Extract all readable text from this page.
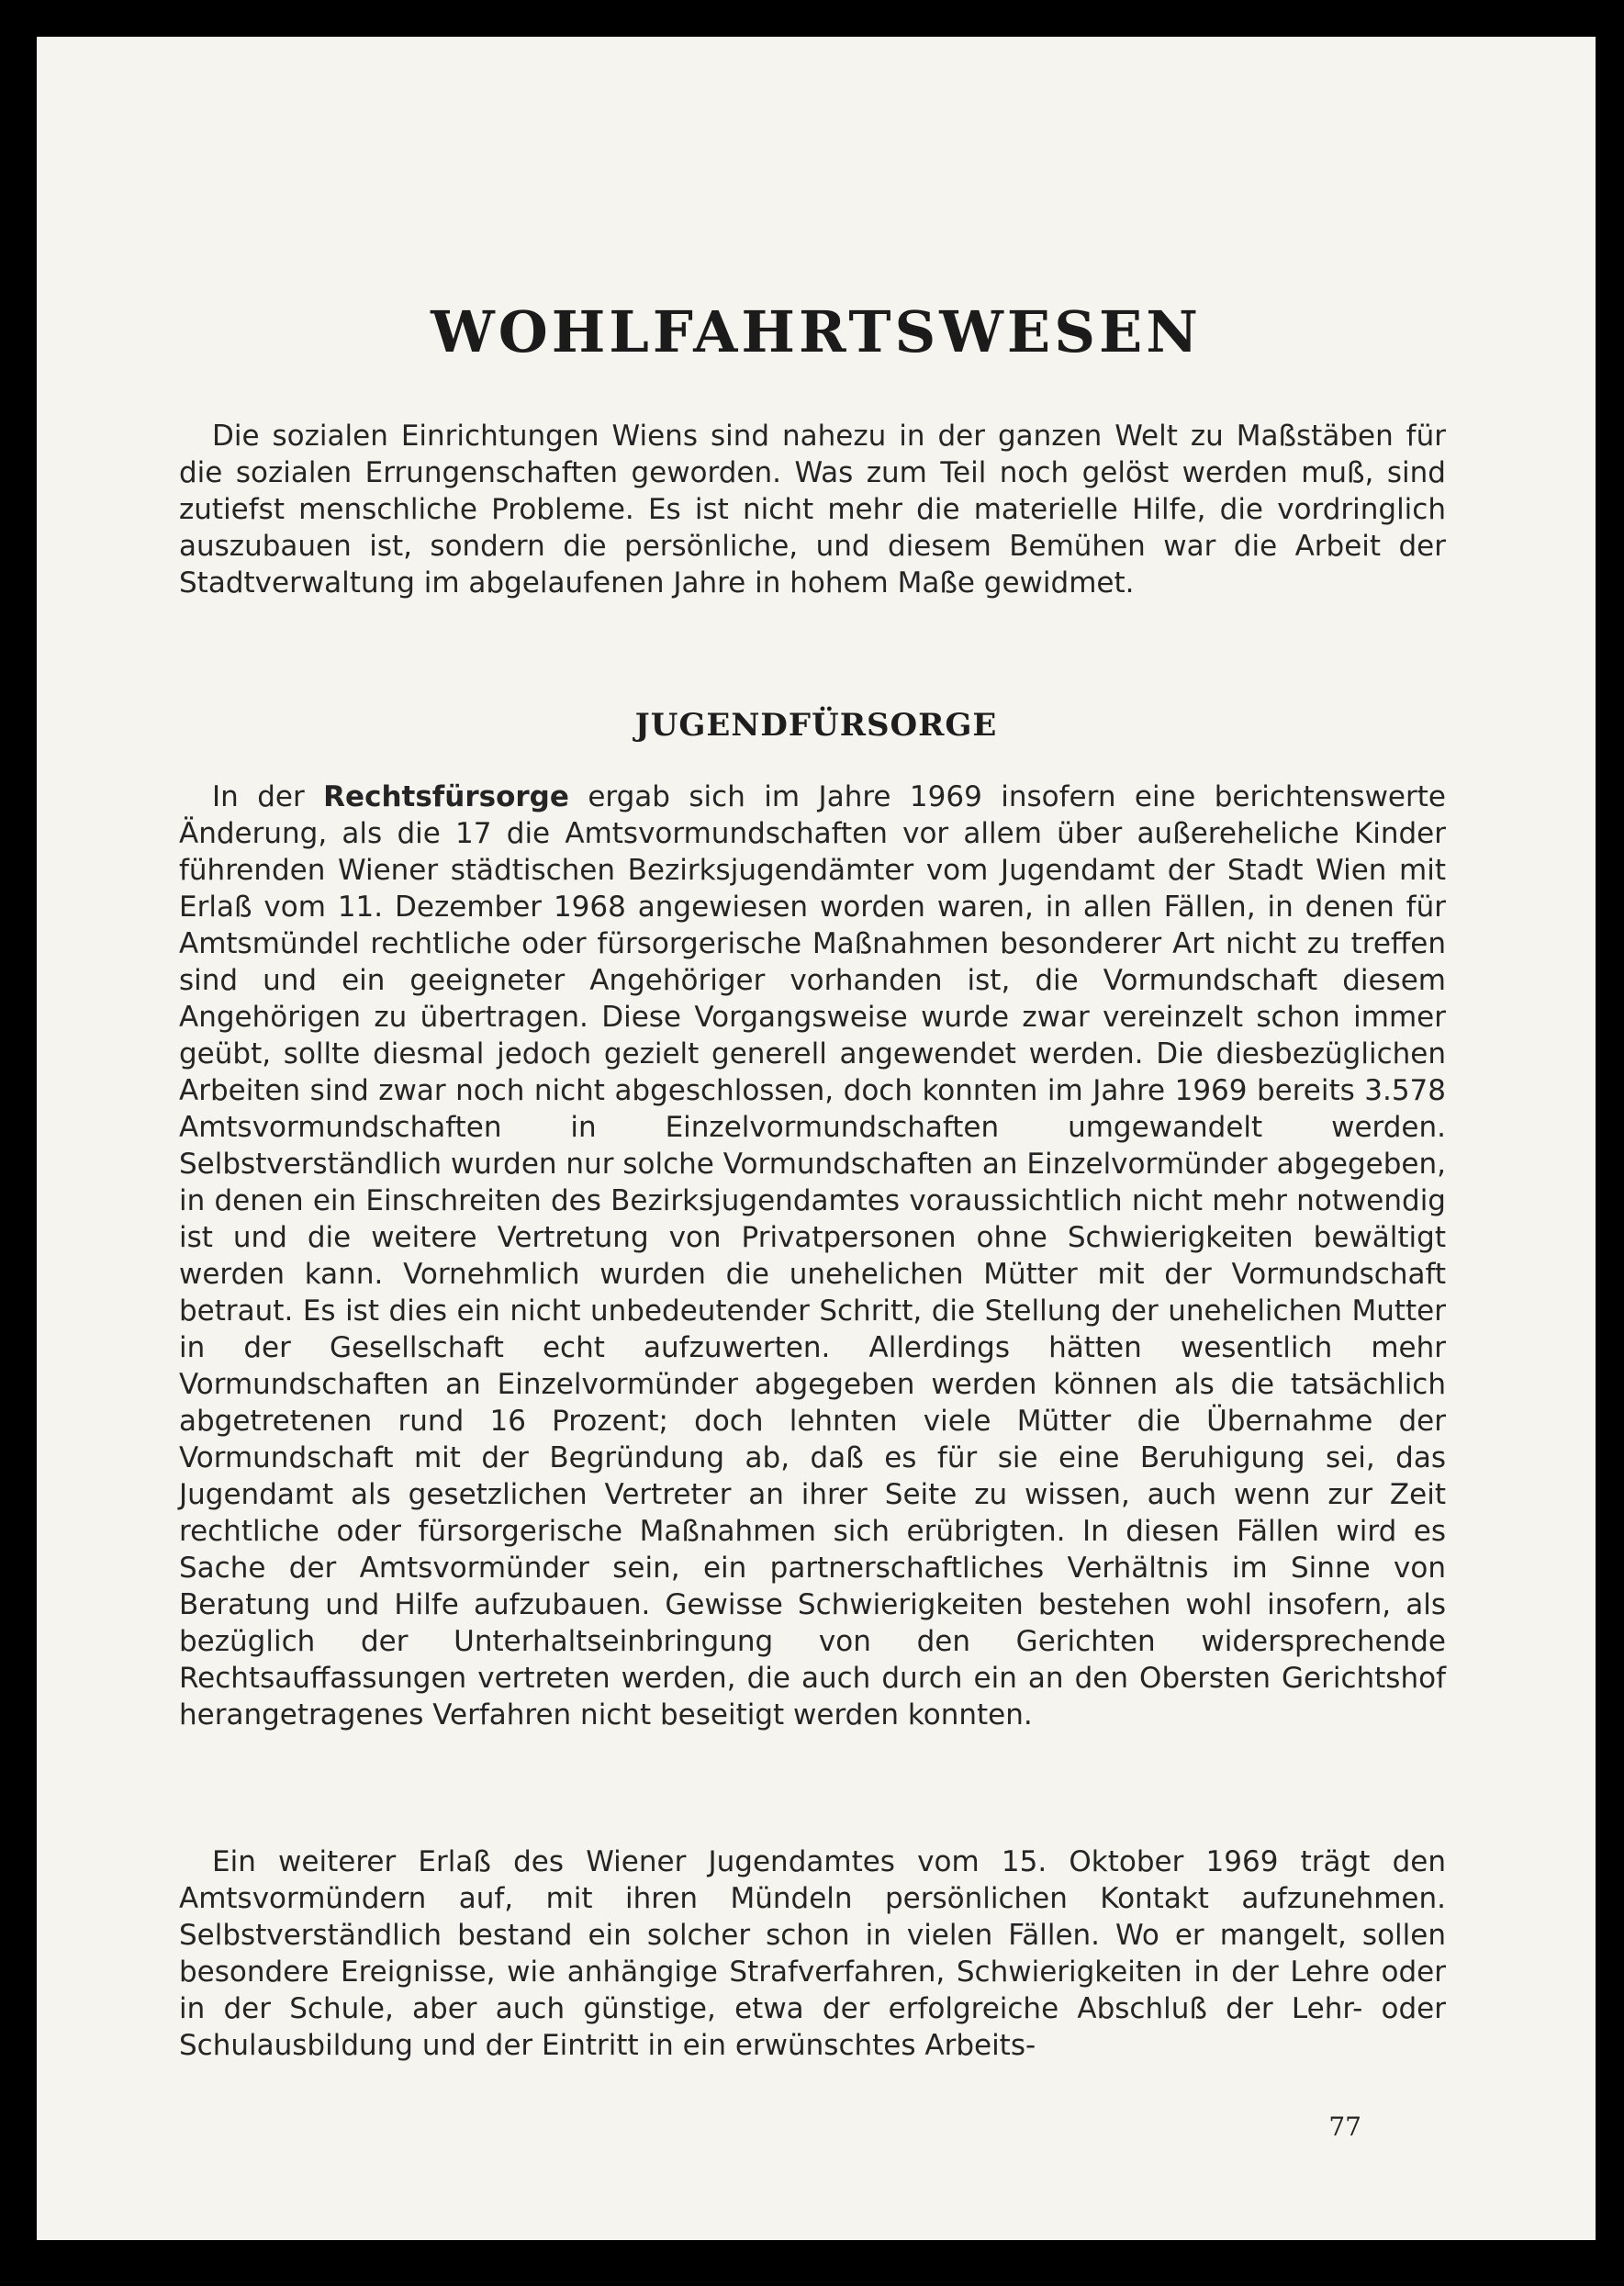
WOHLFAHRTSWESEN

Die sozialen Einrichtungen Wiens sind nahezu in der ganzen Welt zu Maßstäben für die sozialen Errungenschaften geworden. Was zum Teil noch gelöst werden muß, sind zutiefst menschliche Probleme. Es ist nicht mehr die materielle Hilfe, die vordringlich auszubauen ist, sondern die persönliche, und diesem Bemühen war die Arbeit der Stadtverwaltung im abgelaufenen Jahre in hohem Maße gewidmet.

JUGENDFÜRSORGE

In der Rechtsfürsorge ergab sich im Jahre 1969 insofern eine berichtenswerte Änderung, als die 17 die Amtsvormundschaften vor allem über außereheliche Kinder führenden Wiener städtischen Bezirksjugendämter vom Jugendamt der Stadt Wien mit Erlaß vom 11. Dezember 1968 angewiesen worden waren, in allen Fällen, in denen für Amtsmündel rechtliche oder fürsorgerische Maßnahmen besonderer Art nicht zu treffen sind und ein geeigneter Angehöriger vorhanden ist, die Vormundschaft diesem Angehörigen zu übertragen. Diese Vorgangsweise wurde zwar vereinzelt schon immer geübt, sollte diesmal jedoch gezielt generell angewendet werden. Die diesbezüglichen Arbeiten sind zwar noch nicht abgeschlossen, doch konnten im Jahre 1969 bereits 3.578 Amtsvormundschaften in Einzelvormundschaften umgewandelt werden. Selbstverständlich wurden nur solche Vormundschaften an Einzelvormünder abgegeben, in denen ein Einschreiten des Bezirksjugendamtes voraussichtlich nicht mehr notwendig ist und die weitere Vertretung von Privatpersonen ohne Schwierigkeiten bewältigt werden kann. Vornehmlich wurden die unehelichen Mütter mit der Vormundschaft betraut. Es ist dies ein nicht unbedeutender Schritt, die Stellung der unehelichen Mutter in der Gesellschaft echt aufzuwerten. Allerdings hätten wesentlich mehr Vormundschaften an Einzelvormünder abgegeben werden können als die tatsächlich abgetretenen rund 16 Prozent; doch lehnten viele Mütter die Übernahme der Vormundschaft mit der Begründung ab, daß es für sie eine Beruhigung sei, das Jugendamt als gesetzlichen Vertreter an ihrer Seite zu wissen, auch wenn zur Zeit rechtliche oder fürsorgerische Maßnahmen sich erübrigten. In diesen Fällen wird es Sache der Amtsvormünder sein, ein partnerschaftliches Verhältnis im Sinne von Beratung und Hilfe aufzubauen. Gewisse Schwierigkeiten bestehen wohl insofern, als bezüglich der Unterhaltseinbringung von den Gerichten widersprechende Rechtsauffassungen vertreten werden, die auch durch ein an den Obersten Gerichtshof herangetragenes Verfahren nicht beseitigt werden konnten.

Ein weiterer Erlaß des Wiener Jugendamtes vom 15. Oktober 1969 trägt den Amtsvormündern auf, mit ihren Mündeln persönlichen Kontakt aufzunehmen. Selbstverständlich bestand ein solcher schon in vielen Fällen. Wo er mangelt, sollen besondere Ereignisse, wie anhängige Strafverfahren, Schwierigkeiten in der Lehre oder in der Schule, aber auch günstige, etwa der erfolgreiche Abschluß der Lehr- oder Schulausbildung und der Eintritt in ein erwünschtes Arbeits-

77
